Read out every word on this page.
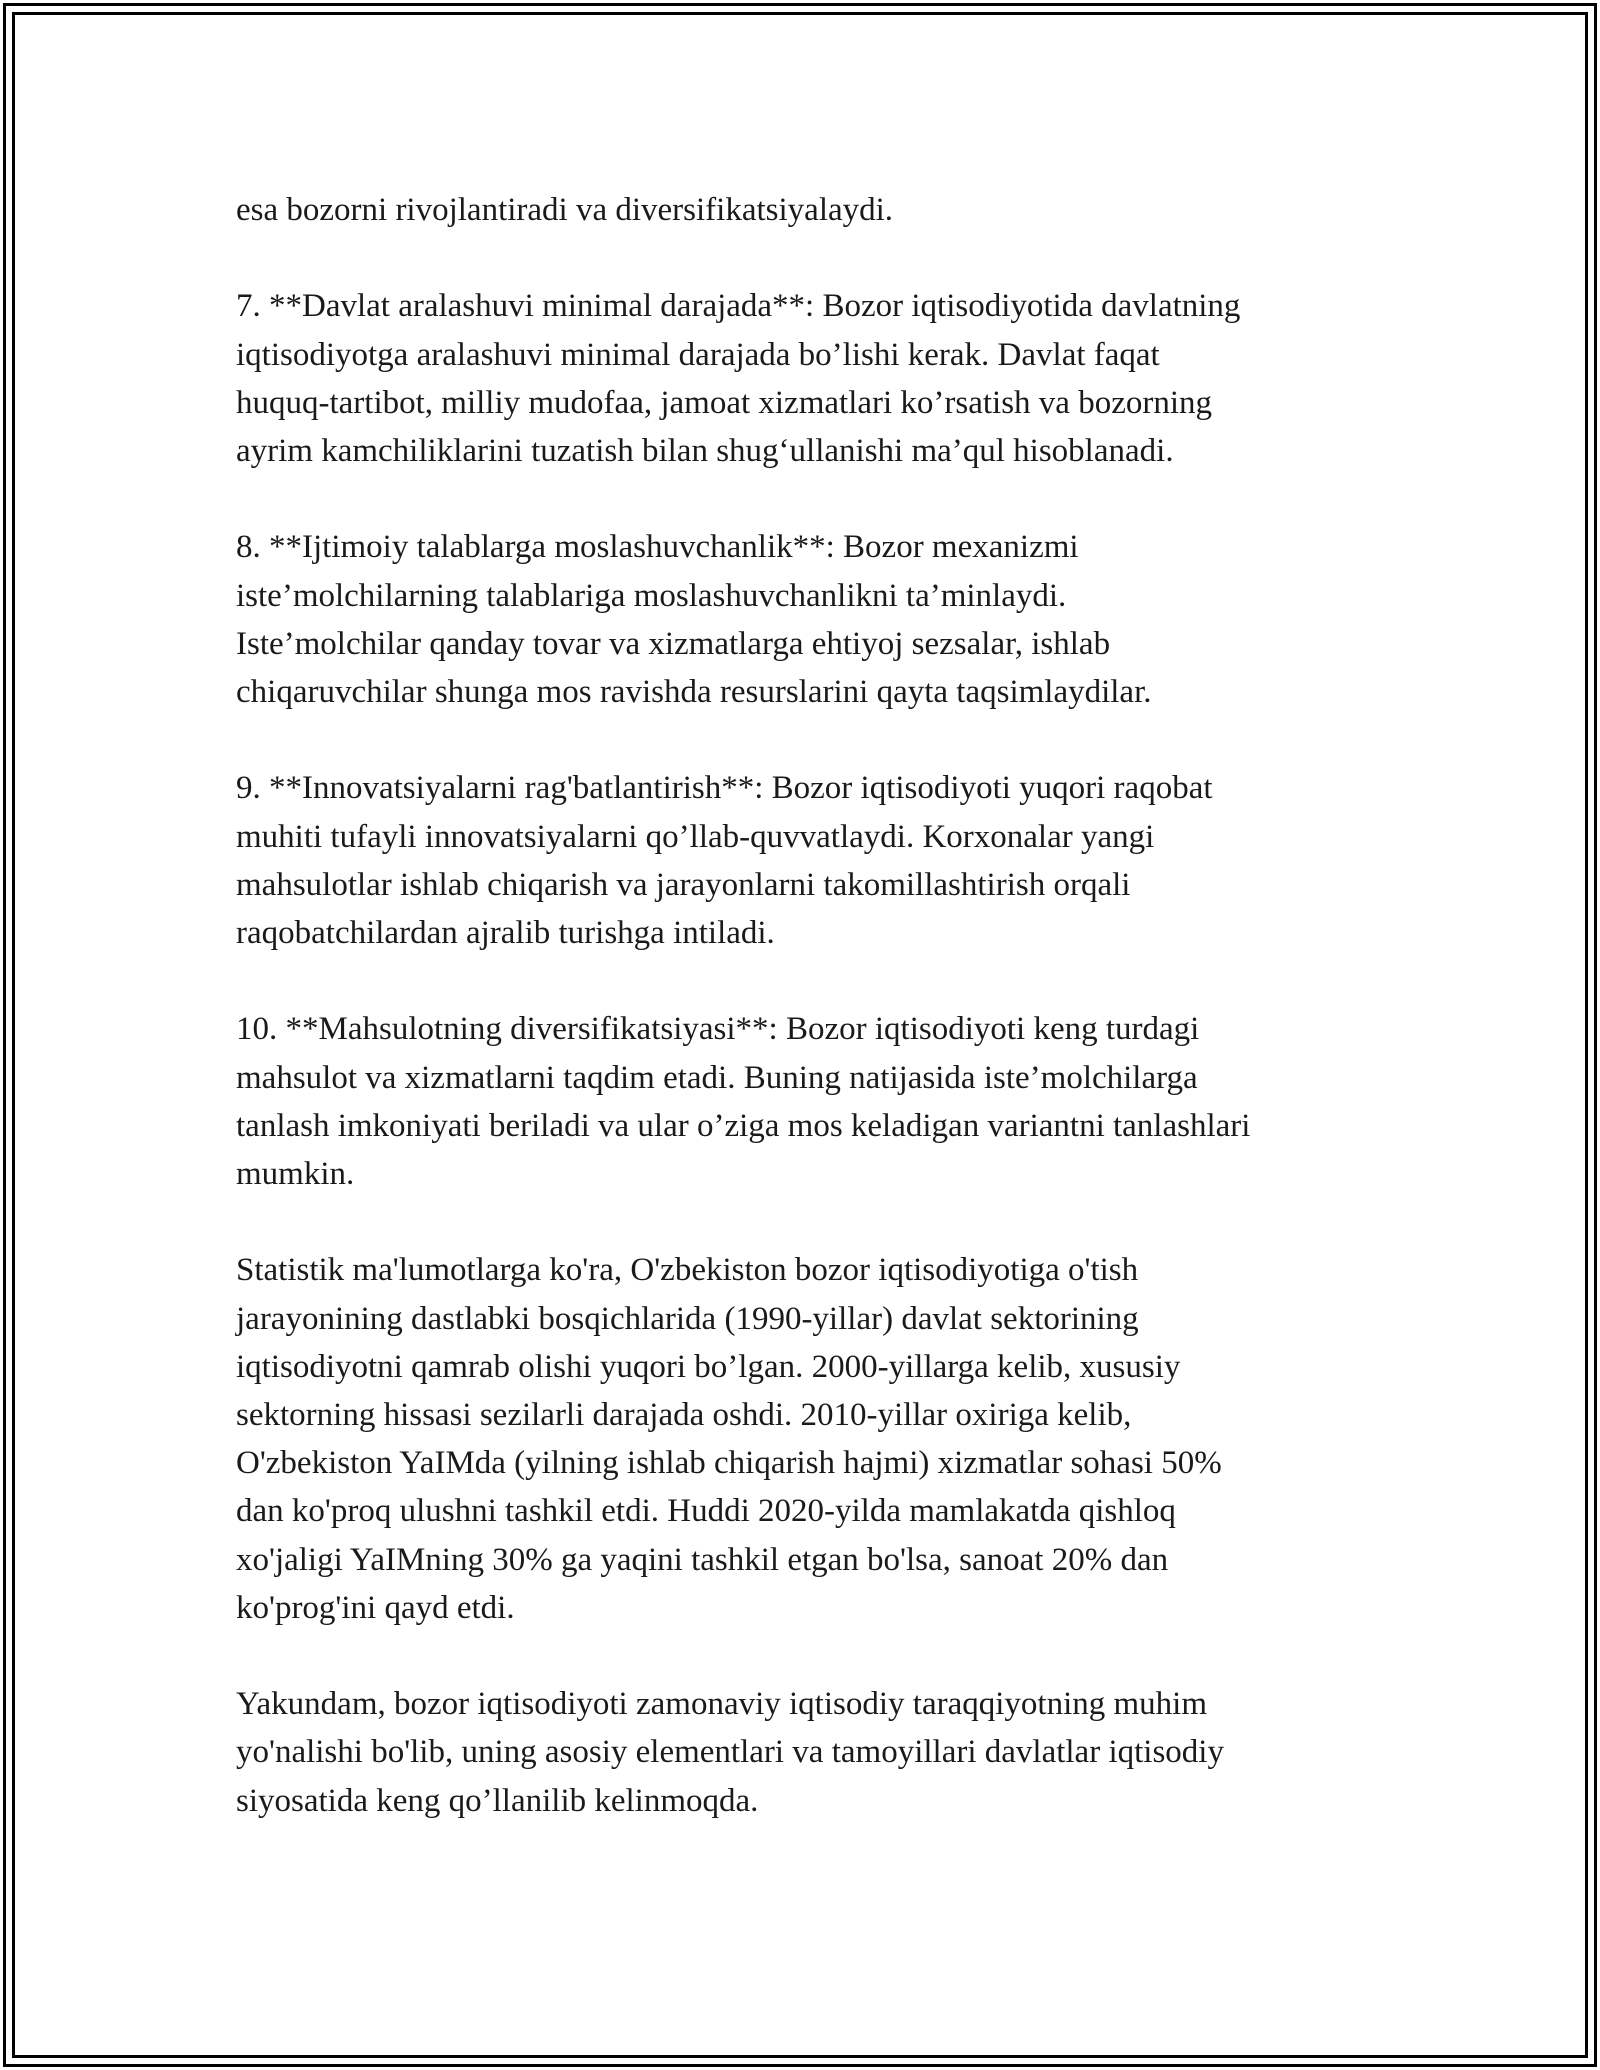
esa bozorni rivojlantiradi va diversifikatsiyalaydi.

7. **Davlat aralashuvi minimal darajada**: Bozor iqtisodiyotida davlatning
iqtisodiyotga aralashuvi minimal darajada bo’lishi kerak. Davlat faqat
huquq-tartibot, milliy mudofaa, jamoat xizmatlari ko’rsatish va bozorning
ayrim kamchiliklarini tuzatish bilan shug‘ullanishi ma’qul hisoblanadi.

8. **Ijtimoiy talablarga moslashuvchanlik**: Bozor mexanizmi
iste’molchilarning talablariga moslashuvchanlikni ta’minlaydi.
Iste’molchilar qanday tovar va xizmatlarga ehtiyoj sezsalar, ishlab
chiqaruvchilar shunga mos ravishda resurslarini qayta taqsimlaydilar.

9. **Innovatsiyalarni rag'batlantirish**: Bozor iqtisodiyoti yuqori raqobat
muhiti tufayli innovatsiyalarni qo’llab-quvvatlaydi. Korxonalar yangi
mahsulotlar ishlab chiqarish va jarayonlarni takomillashtirish orqali
raqobatchilardan ajralib turishga intiladi.

10. **Mahsulotning diversifikatsiyasi**: Bozor iqtisodiyoti keng turdagi
mahsulot va xizmatlarni taqdim etadi. Buning natijasida iste’molchilarga
tanlash imkoniyati beriladi va ular o’ziga mos keladigan variantni tanlashlari
mumkin.

Statistik ma'lumotlarga ko'ra, O'zbekiston bozor iqtisodiyotiga o'tish
jarayonining dastlabki bosqichlarida (1990-yillar) davlat sektorining
iqtisodiyotni qamrab olishi yuqori bo’lgan. 2000-yillarga kelib, xususiy
sektorning hissasi sezilarli darajada oshdi. 2010-yillar oxiriga kelib,
O'zbekiston YaIMda (yilning ishlab chiqarish hajmi) xizmatlar sohasi 50%
dan ko'proq ulushni tashkil etdi. Huddi 2020-yilda mamlakatda qishloq
xo'jaligi YaIMning 30% ga yaqini tashkil etgan bo'lsa, sanoat 20% dan
ko'prog'ini qayd etdi.

Yakundam, bozor iqtisodiyoti zamonaviy iqtisodiy taraqqiyotning muhim
yo'nalishi bo'lib, uning asosiy elementlari va tamoyillari davlatlar iqtisodiy
siyosatida keng qo’llanilib kelinmoqda.
